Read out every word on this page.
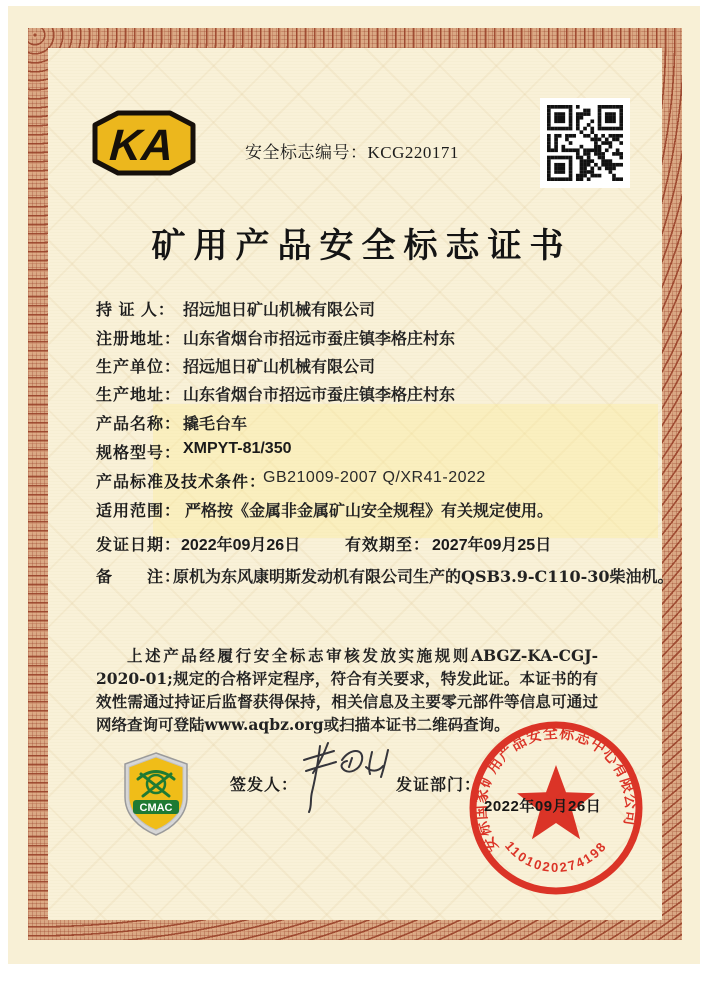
KA	安全标志编号：KCG220171
矿用产品安全标志证书
持 证 人： 招远旭日矿山机械有限公司
注册地址： 山东省烟台市招远市蚕庄镇李格庄村东
生产单位： 招远旭日矿山机械有限公司
生产地址： 山东省烟台市招远市蚕庄镇李格庄村东
产品名称： 撬毛台车
规格型号： XMPYT-81/350
产品标准及技术条件：
GB21009-2007 Q/XR41-2022
适用范围： 严格按《金属非金属矿山安全规程》有关规定使用。
发证日期： 2022年09月26日	有效期至： 2027年09月25日
备　　注：
原机为东风康明斯发动机有限公司生产的QSB3.9-C110-30柴油机。
上述产品经履行安全标志审核发放实施规则ABGZ-KA-CGJ-2020-01;规定的合格评定程序，符合有关要求，特发此证。本证书的有效性需通过持证后监督获得保持，相关信息及主要零元部件等信息可通过网络查询可登陆www.aqbz.org或扫描本证书二维码查询。
CMAC
签发人：	发证部门：
安标国家矿用产品安全标志中心有限公司
1101020274198
2022年09月26日
